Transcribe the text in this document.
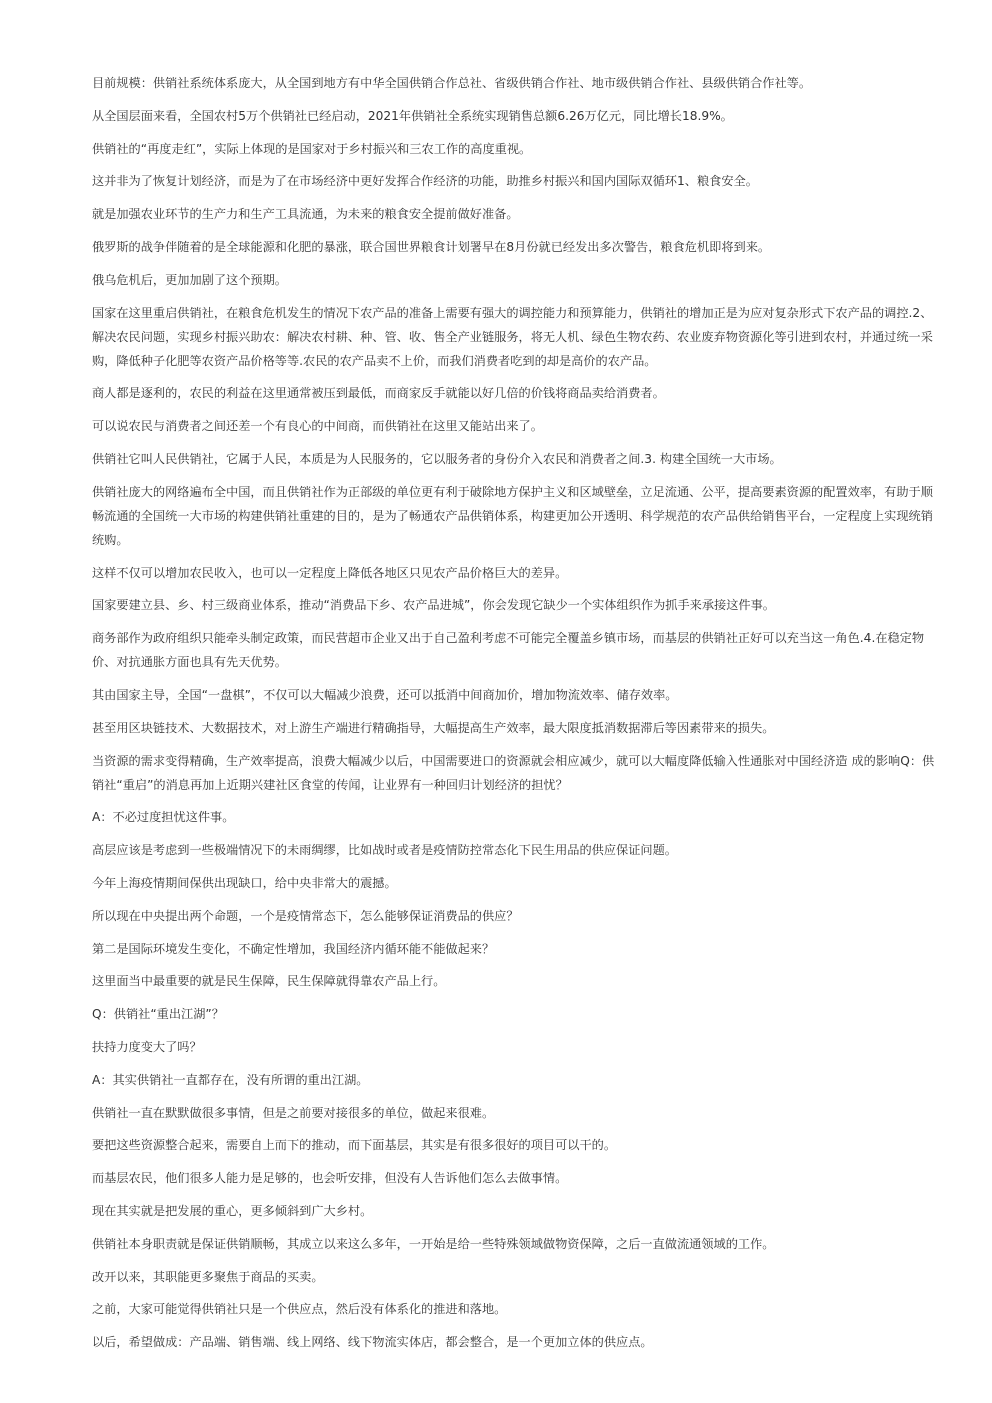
目前规模：供销社系统体系庞大，从全国到地方有中华全国供销合作总社、省级供销合作社、地市级供销合作社、县级供销合作社等。

从全国层面来看，全国农村5万个供销社已经启动，2021年供销社全系统实现销售总额6.26万亿元，同比增长18.9%。

供销社的“再度走红”，实际上体现的是国家对于乡村振兴和三农工作的高度重视。

这并非为了恢复计划经济，而是为了在市场经济中更好发挥合作经济的功能，助推乡村振兴和国内国际双循环1、粮食安全。

就是加强农业环节的生产力和生产工具流通，为未来的粮食安全提前做好准备。

俄罗斯的战争伴随着的是全球能源和化肥的暴涨，联合国世界粮食计划署早在8月份就已经发出多次警告，粮食危机即将到来。

俄乌危机后，更加加剧了这个预期。

国家在这里重启供销社，在粮食危机发生的情况下农产品的准备上需要有强大的调控能力和预算能力，供销社的增加正是为应对复杂形式下农产品的调控.2、解决农民问题，实现乡村振兴助农：解决农村耕、种、管、收、售全产业链服务，将无人机、绿色生物农药、农业废弃物资源化等引进到农村，并通过统一采购，降低种子化肥等农资产品价格等等.农民的农产品卖不上价，而我们消费者吃到的却是高价的农产品。

商人都是逐利的，农民的利益在这里通常被压到最低，而商家反手就能以好几倍的价钱将商品卖给消费者。

可以说农民与消费者之间还差一个有良心的中间商，而供销社在这里又能站出来了。

供销社它叫人民供销社，它属于人民，本质是为人民服务的，它以服务者的身份介入农民和消费者之间.3. 构建全国统一大市场。

供销社庞大的网络遍布全中国，而且供销社作为正部级的单位更有利于破除地方保护主义和区域壁垒，立足流通、公平，提高要素资源的配置效率，有助于顺畅流通的全国统一大市场的构建供销社重建的目的，是为了畅通农产品供销体系，构建更加公开透明、科学规范的农产品供给销售平台，一定程度上实现统销统购。

这样不仅可以增加农民收入，也可以一定程度上降低各地区只见农产品价格巨大的差异。

国家要建立县、乡、村三级商业体系，推动“消费品下乡、农产品进城”，你会发现它缺少一个实体组织作为抓手来承接这件事。

商务部作为政府组织只能牵头制定政策，而民营超市企业又出于自己盈利考虑不可能完全覆盖乡镇市场，而基层的供销社正好可以充当这一角色.4.在稳定物价、对抗通胀方面也具有先天优势。

其由国家主导，全国“一盘棋”，不仅可以大幅减少浪费，还可以抵消中间商加价，增加物流效率、储存效率。

甚至用区块链技术、大数据技术，对上游生产端进行精确指导，大幅提高生产效率，最大限度抵消数据滞后等因素带来的损失。

当资源的需求变得精确，生产效率提高，浪费大幅减少以后，中国需要进口的资源就会相应减少，就可以大幅度降低输入性通胀对中国经济造 成的影响Q：供销社“重启”的消息再加上近期兴建社区食堂的传闻，让业界有一种回归计划经济的担忧？

A：不必过度担忧这件事。

高层应该是考虑到一些极端情况下的未雨绸缪，比如战时或者是疫情防控常态化下民生用品的供应保证问题。

今年上海疫情期间保供出现缺口，给中央非常大的震撼。

所以现在中央提出两个命题，一个是疫情常态下，怎么能够保证消费品的供应？

第二是国际环境发生变化，不确定性增加，我国经济内循环能不能做起来？

这里面当中最重要的就是民生保障，民生保障就得靠农产品上行。

Q：供销社“重出江湖”？

扶持力度变大了吗？

A：其实供销社一直都存在，没有所谓的重出江湖。

供销社一直在默默做很多事情，但是之前要对接很多的单位，做起来很难。

要把这些资源整合起来，需要自上而下的推动，而下面基层，其实是有很多很好的项目可以干的。

而基层农民，他们很多人能力是足够的，也会听安排，但没有人告诉他们怎么去做事情。

现在其实就是把发展的重心，更多倾斜到广大乡村。

供销社本身职责就是保证供销顺畅，其成立以来这么多年，一开始是给一些特殊领域做物资保障，之后一直做流通领域的工作。

改开以来，其职能更多聚焦于商品的买卖。

之前，大家可能觉得供销社只是一个供应点，然后没有体系化的推进和落地。

以后，希望做成：产品端、销售端、线上网络、线下物流实体店，都会整合，是一个更加立体的供应点。
